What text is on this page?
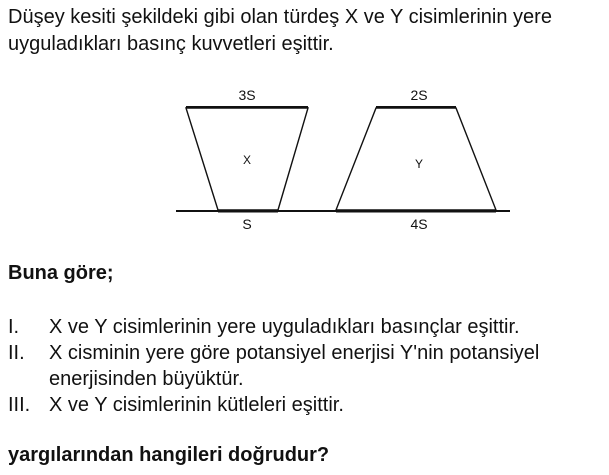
Düşey kesiti şekildeki gibi olan türdeş X ve Y cisimlerinin yere uyguladıkları basınç kuvvetleri eşittir.

3S
X
S
2S
Y
4S

Buna göre;

I.	X ve Y cisimlerinin yere uyguladıkları basınçlar eşittir.
II.	X cisminin yere göre potansiyel enerjisi Y'nin potansiyel
enerjisinden büyüktür.
III. X ve Y cisimlerinin kütleleri eşittir.

yargılarından hangileri doğrudur?
